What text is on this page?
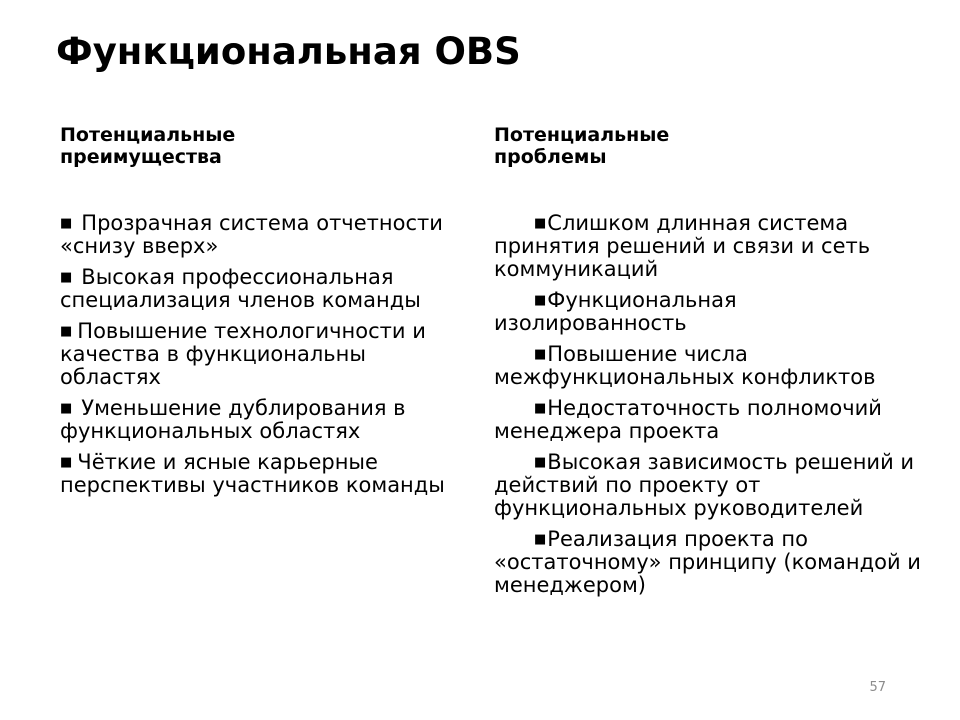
Функциональная OBS
Потенциальные преимущества
■ Прозрачная система отчетности «снизу вверх»
■ Высокая профессиональная специализация членов команды
■ Повышение технологичности и качества в функциональны областях
■ Уменьшение дублирования в функциональных областях
■ Чёткие и ясные карьерные перспективы участников команды
Потенциальные проблемы
■Слишком длинная система принятия решений и связи и сеть коммуникаций
■Функциональная изолированность
■Повышение числа межфункциональных конфликтов
■Недостаточность полномочий менеджера проекта
■Высокая зависимость решений и действий по проекту от функциональных руководителей
■Реализация проекта по «остаточному» принципу (командой и менеджером)
57
